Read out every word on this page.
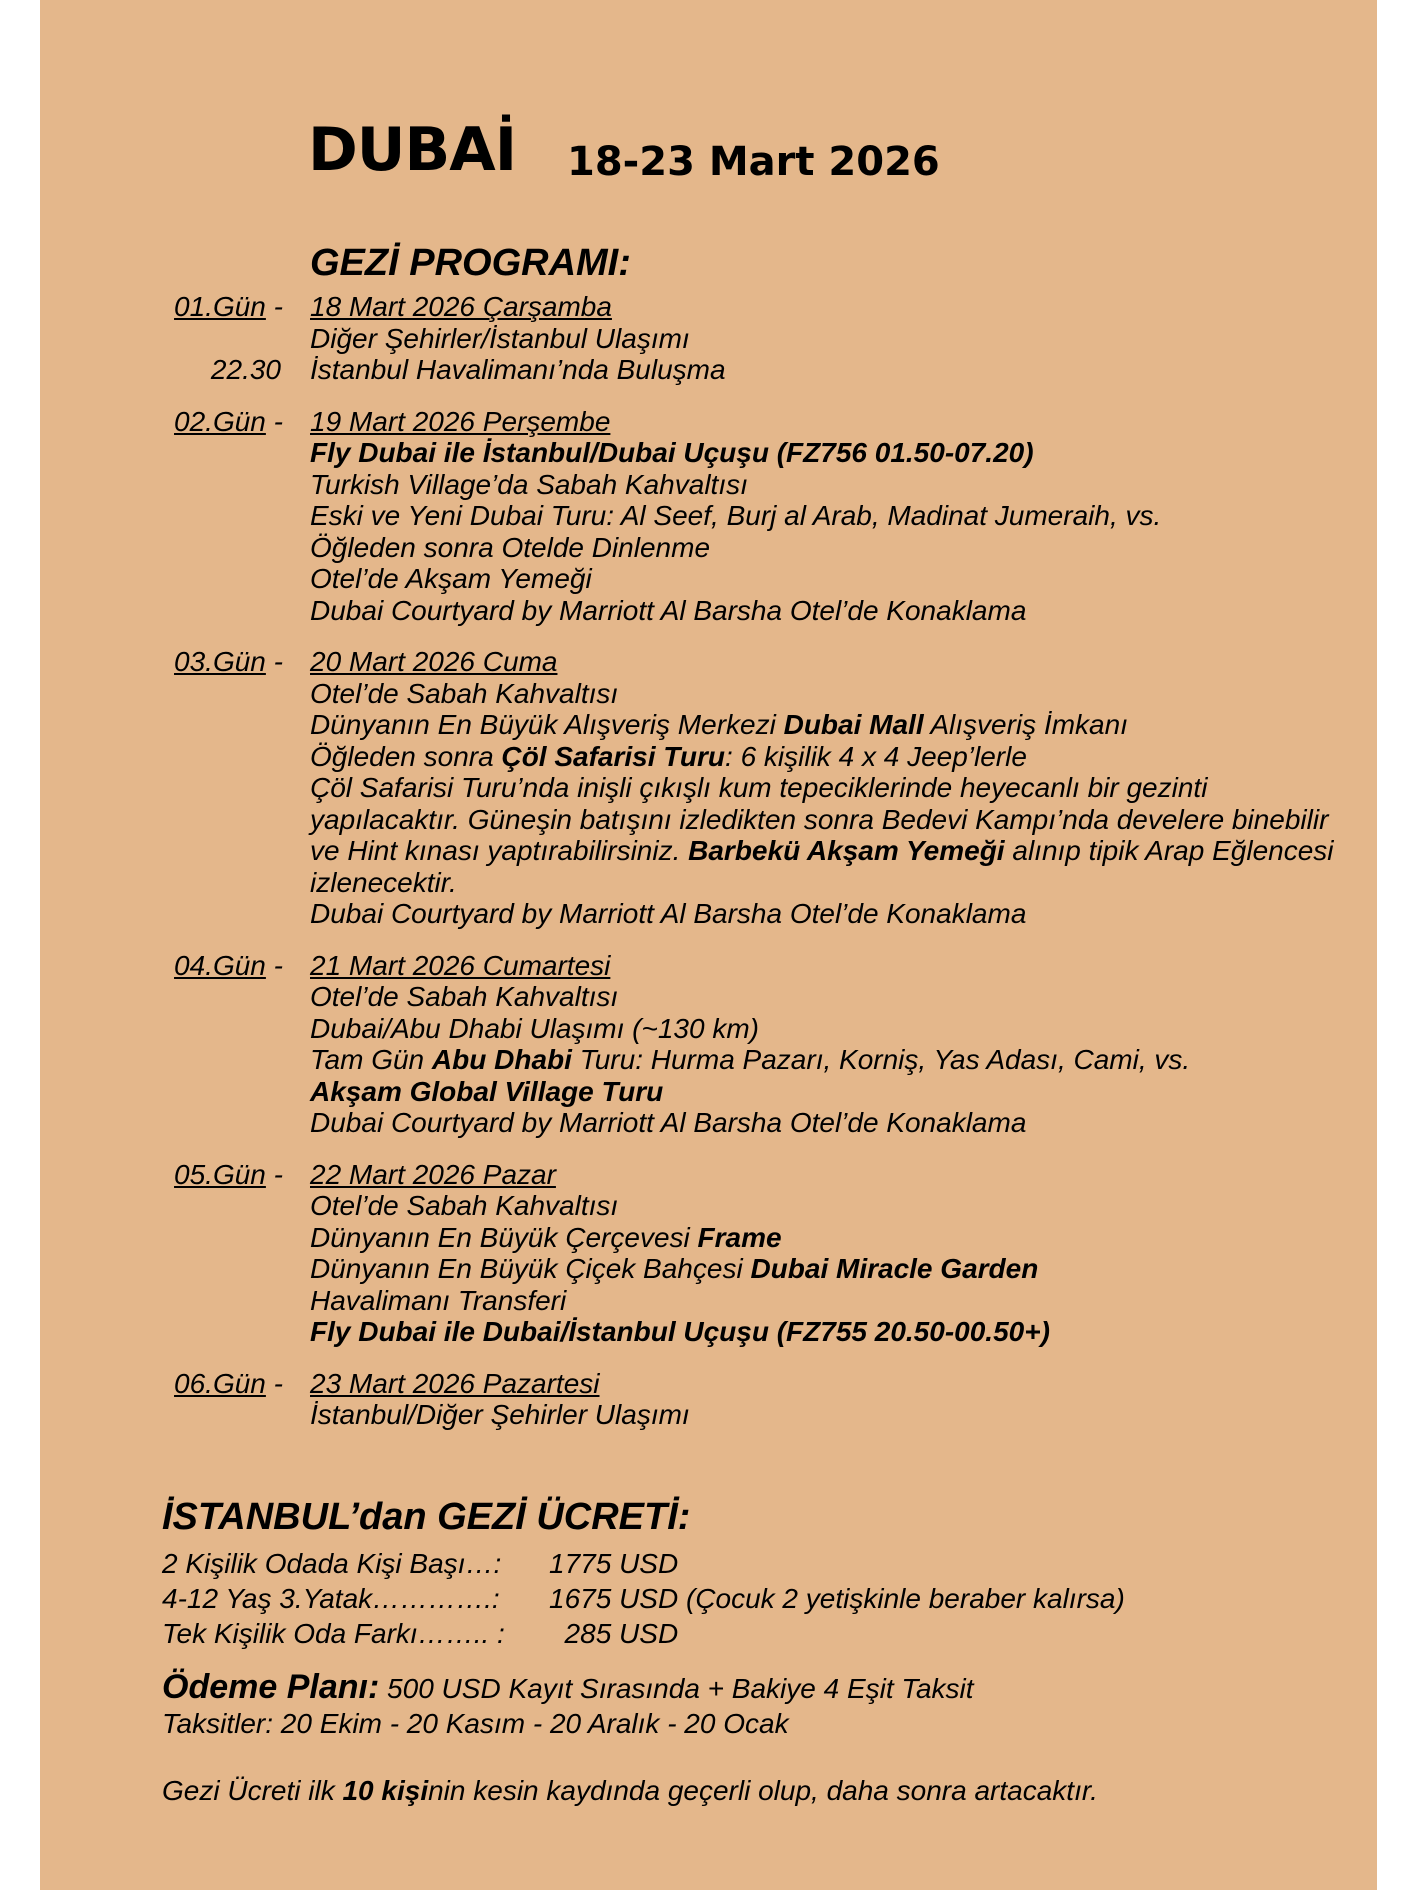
DUBAİ 18-23 Mart 2026
GEZİ PROGRAMI:
01.Gün - 18 Mart 2026 Çarşamba
Diğer Şehirler/İstanbul Ulaşımı
22.30 İstanbul Havalimanı’nda Buluşma
02.Gün - 19 Mart 2026 Perşembe
Fly Dubai ile İstanbul/Dubai Uçuşu (FZ756 01.50-07.20)
Turkish Village’da Sabah Kahvaltısı
Eski ve Yeni Dubai Turu: Al Seef, Burj al Arab, Madinat Jumeraih, vs.
Öğleden sonra Otelde Dinlenme
Otel’de Akşam Yemeği
Dubai Courtyard by Marriott Al Barsha Otel’de Konaklama
03.Gün - 20 Mart 2026 Cuma
Otel’de Sabah Kahvaltısı
Dünyanın En Büyük Alışveriş Merkezi Dubai Mall Alışveriş İmkanı
Öğleden sonra Çöl Safarisi Turu: 6 kişilik 4 x 4 Jeep’lerle
Çöl Safarisi Turu’nda inişli çıkışlı kum tepeciklerinde heyecanlı bir gezinti yapılacaktır. Güneşin batışını izledikten sonra Bedevi Kampı’nda develere binebilir ve Hint kınası yaptırabilirsiniz. Barbekü Akşam Yemeği alınıp tipik Arap Eğlencesi izlenecektir.
Dubai Courtyard by Marriott Al Barsha Otel’de Konaklama
04.Gün - 21 Mart 2026 Cumartesi
Otel’de Sabah Kahvaltısı
Dubai/Abu Dhabi Ulaşımı (~130 km)
Tam Gün Abu Dhabi Turu: Hurma Pazarı, Korniş, Yas Adası, Cami, vs.
Akşam Global Village Turu
Dubai Courtyard by Marriott Al Barsha Otel’de Konaklama
05.Gün - 22 Mart 2026 Pazar
Otel’de Sabah Kahvaltısı
Dünyanın En Büyük Çerçevesi Frame
Dünyanın En Büyük Çiçek Bahçesi Dubai Miracle Garden
Havalimanı Transferi
Fly Dubai ile Dubai/İstanbul Uçuşu (FZ755 20.50-00.50+)
06.Gün - 23 Mart 2026 Pazartesi
İstanbul/Diğer Şehirler Ulaşımı
İSTANBUL’dan GEZİ ÜCRETİ:
2 Kişilik Odada Kişi Başı…:	1775 USD
4-12 Yaş 3.Yatak………….:	1675 USD (Çocuk 2 yetişkinle beraber kalırsa)
Tek Kişilik Oda Farkı…….. :	285 USD
Ödeme Planı: 500 USD Kayıt Sırasında + Bakiye 4 Eşit Taksit
Taksitler: 20 Ekim - 20 Kasım - 20 Aralık - 20 Ocak
Gezi Ücreti ilk 10 kişinin kesin kaydında geçerli olup, daha sonra artacaktır.
